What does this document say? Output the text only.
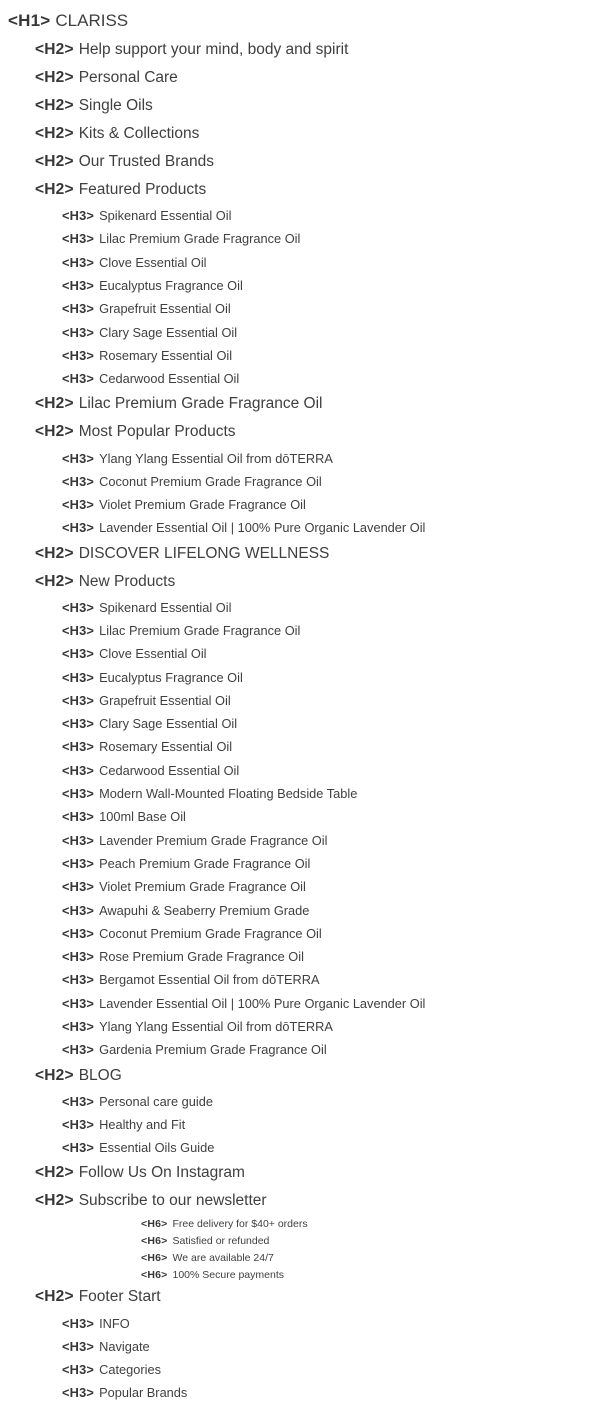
<H1> CLARISS
<H2> Help support your mind, body and spirit
<H2> Personal Care
<H2> Single Oils
<H2> Kits & Collections
<H2> Our Trusted Brands
<H2> Featured Products
<H3> Spikenard Essential Oil
<H3> Lilac Premium Grade Fragrance Oil
<H3> Clove Essential Oil
<H3> Eucalyptus Fragrance Oil
<H3> Grapefruit Essential Oil
<H3> Clary Sage Essential Oil
<H3> Rosemary Essential Oil
<H3> Cedarwood Essential Oil
<H2> Lilac Premium Grade Fragrance Oil
<H2> Most Popular Products
<H3> Ylang Ylang Essential Oil from dōTERRA
<H3> Coconut Premium Grade Fragrance Oil
<H3> Violet Premium Grade Fragrance Oil
<H3> Lavender Essential Oil | 100% Pure Organic Lavender Oil
<H2> DISCOVER LIFELONG WELLNESS
<H2> New Products
<H3> Spikenard Essential Oil
<H3> Lilac Premium Grade Fragrance Oil
<H3> Clove Essential Oil
<H3> Eucalyptus Fragrance Oil
<H3> Grapefruit Essential Oil
<H3> Clary Sage Essential Oil
<H3> Rosemary Essential Oil
<H3> Cedarwood Essential Oil
<H3> Modern Wall-Mounted Floating Bedside Table
<H3> 100ml Base Oil
<H3> Lavender Premium Grade Fragrance Oil
<H3> Peach Premium Grade Fragrance Oil
<H3> Violet Premium Grade Fragrance Oil
<H3> Awapuhi & Seaberry Premium Grade
<H3> Coconut Premium Grade Fragrance Oil
<H3> Rose Premium Grade Fragrance Oil
<H3> Bergamot Essential Oil from dōTERRA
<H3> Lavender Essential Oil | 100% Pure Organic Lavender Oil
<H3> Ylang Ylang Essential Oil from dōTERRA
<H3> Gardenia Premium Grade Fragrance Oil
<H2> BLOG
<H3> Personal care guide
<H3> Healthy and Fit
<H3> Essential Oils Guide
<H2> Follow Us On Instagram
<H2> Subscribe to our newsletter
<H6> Free delivery for $40+ orders
<H6> Satisfied or refunded
<H6> We are available 24/7
<H6> 100% Secure payments
<H2> Footer Start
<H3> INFO
<H3> Navigate
<H3> Categories
<H3> Popular Brands
